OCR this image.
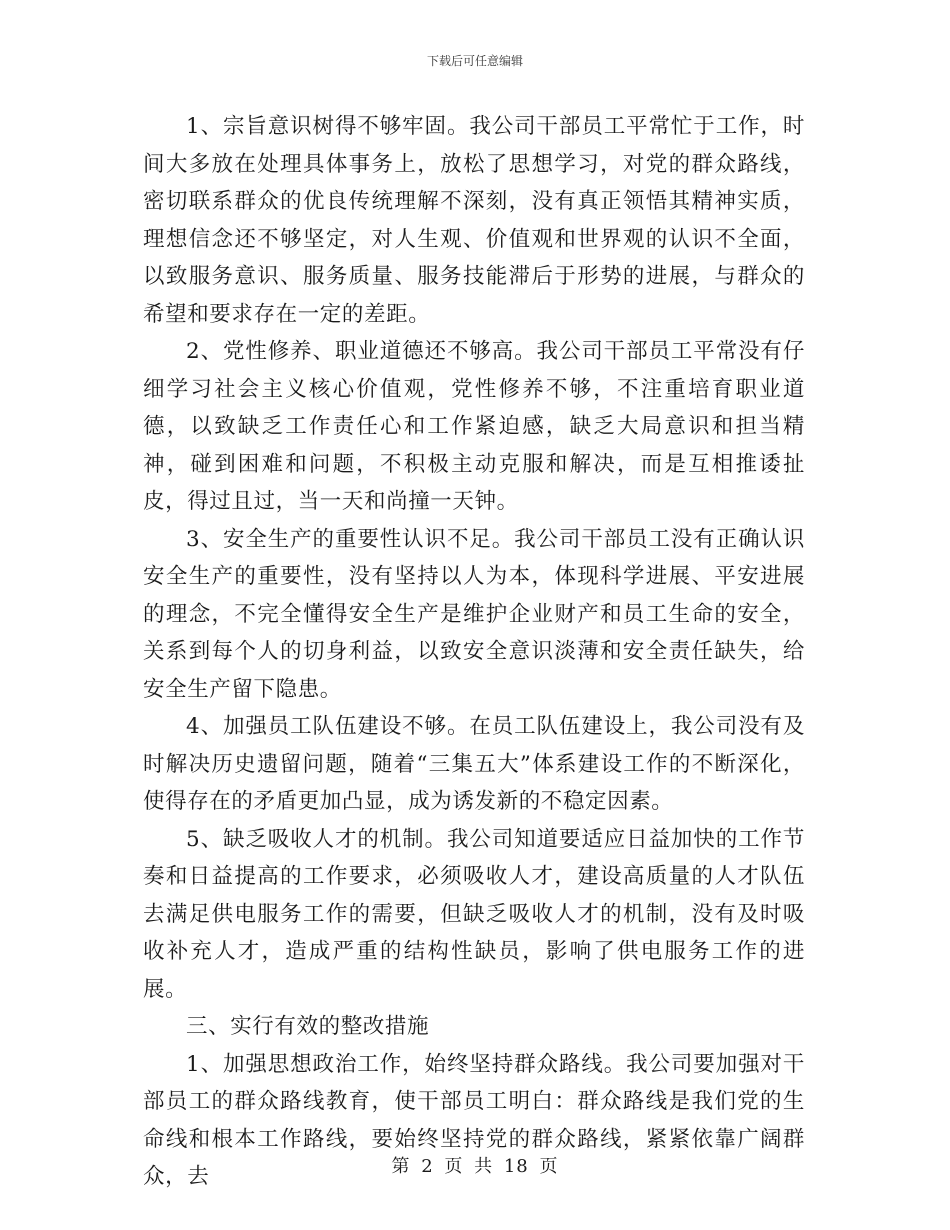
下载后可任意编辑

1、宗旨意识树得不够牢固。我公司干部员工平常忙于工作，时间大多放在处理具体事务上，放松了思想学习，对党的群众路线，密切联系群众的优良传统理解不深刻，没有真正领悟其精神实质，理想信念还不够坚定，对人生观、价值观和世界观的认识不全面，以致服务意识、服务质量、服务技能滞后于形势的进展，与群众的希望和要求存在一定的差距。

2、党性修养、职业道德还不够高。我公司干部员工平常没有仔细学习社会主义核心价值观，党性修养不够，不注重培育职业道德，以致缺乏工作责任心和工作紧迫感，缺乏大局意识和担当精神，碰到困难和问题，不积极主动克服和解决，而是互相推诿扯皮，得过且过，当一天和尚撞一天钟。

3、安全生产的重要性认识不足。我公司干部员工没有正确认识安全生产的重要性，没有坚持以人为本，体现科学进展、平安进展的理念，不完全懂得安全生产是维护企业财产和员工生命的安全，关系到每个人的切身利益，以致安全意识淡薄和安全责任缺失，给安全生产留下隐患。

4、加强员工队伍建设不够。在员工队伍建设上，我公司没有及时解决历史遗留问题，随着“三集五大”体系建设工作的不断深化，使得存在的矛盾更加凸显，成为诱发新的不稳定因素。

5、缺乏吸收人才的机制。我公司知道要适应日益加快的工作节奏和日益提高的工作要求，必须吸收人才，建设高质量的人才队伍去满足供电服务工作的需要，但缺乏吸收人才的机制，没有及时吸收补充人才，造成严重的结构性缺员，影响了供电服务工作的进展。

三、实行有效的整改措施

1、加强思想政治工作，始终坚持群众路线。我公司要加强对干部员工的群众路线教育，使干部员工明白：群众路线是我们党的生命线和根本工作路线，要始终坚持党的群众路线，紧紧依靠广阔群众，去	第 2 页 共 18 页
